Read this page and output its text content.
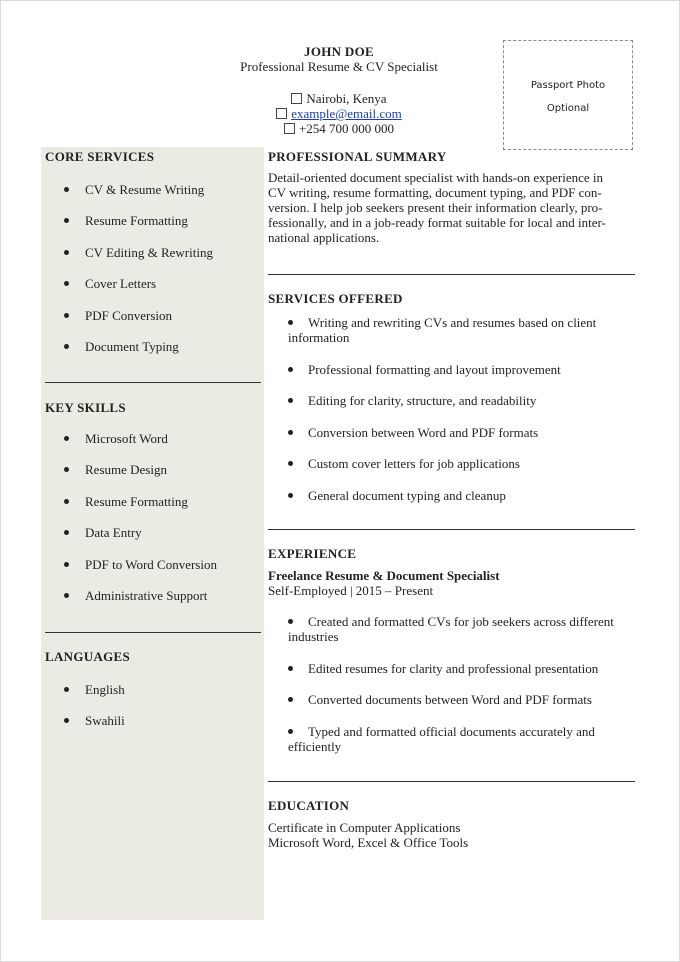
JOHN DOE
Professional Resume & CV Specialist
Nairobi, Kenya
example@email.com
+254 700 000 000
Passport Photo
Optional
CORE SERVICES
CV & Resume Writing
Resume Formatting
CV Editing & Rewriting
Cover Letters
PDF Conversion
Document Typing
KEY SKILLS
Microsoft Word
Resume Design
Resume Formatting
Data Entry
PDF to Word Conversion
Administrative Support
LANGUAGES
English
Swahili
PROFESSIONAL SUMMARY
Detail-oriented document specialist with hands-on experience in
CV writing, resume formatting, document typing, and PDF con-
version. I help job seekers present their information clearly, pro-
fessionally, and in a job-ready format suitable for local and inter-
national applications.
SERVICES OFFERED
Writing and rewriting CVs and resumes based on client information
Professional formatting and layout improvement
Editing for clarity, structure, and readability
Conversion between Word and PDF formats
Custom cover letters for job applications
General document typing and cleanup
EXPERIENCE
Freelance Resume & Document Specialist
Self-Employed | 2015 – Present
Created and formatted CVs for job seekers across different industries
Edited resumes for clarity and professional presentation
Converted documents between Word and PDF formats
Typed and formatted official documents accurately and efficiently
EDUCATION
Certificate in Computer Applications
Microsoft Word, Excel & Office Tools
